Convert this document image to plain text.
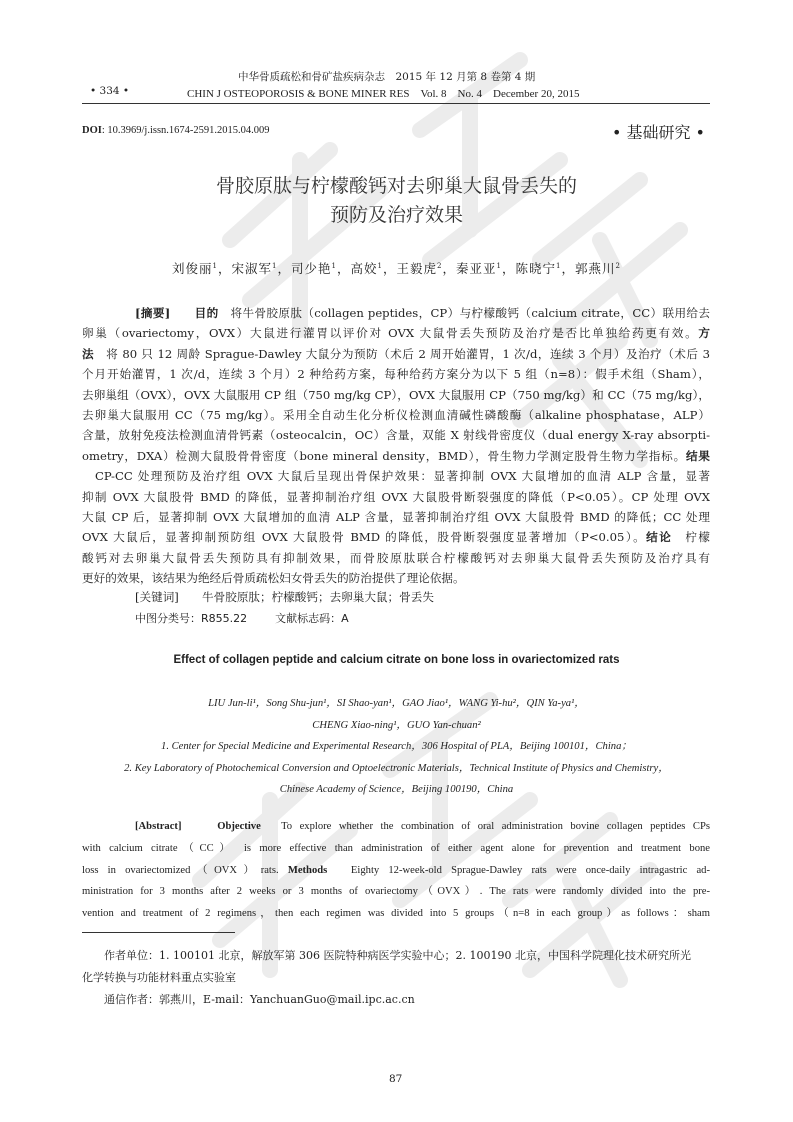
中华骨质疏松和骨矿盐疾病杂志　2015 年 12 月第 8 卷第 4 期
• 334 •	CHIN J OSTEOPOROSIS & BONE MINER RES　Vol. 8　No. 4　December 20, 2015
DOI: 10.3969/j.issn.1674-2591.2015.04.009	• 基础研究 •
骨胶原肽与柠檬酸钙对去卵巢大鼠骨丢失的
预防及治疗效果
刘俊丽$^1$，宋淑军$^1$，司少艳$^1$，高姣$^1$，王毅虎$^2$，秦亚亚$^1$，陈晓宁$^1$，郭燕川$^2$
[摘要]　　 目的　将牛骨胶原肽（collagen peptides，CP）与柠檬酸钙（calcium citrate，CC）联用给去
卵巢（ovariectomy，OVX）大鼠进行灌胃以评价对 OVX 大鼠骨丢失预防及治疗是否比单独给药更有效。方
法　将 80 只 12 周龄 Sprague-Dawley 大鼠分为预防（术后 2 周开始灌胃，1 次/d，连续 3 个月）及治疗（术后 3
个月开始灌胃，1 次/d，连续 3 个月）2 种给药方案，每种给药方案分为以下 5 组（n=8）：假手术组（Sham），
去卵巢组（OVX），OVX 大鼠服用 CP 组（750 mg/kg CP），OVX 大鼠服用 CP（750 mg/kg）和 CC（75 mg/kg），
去卵巢大鼠服用 CC（75 mg/kg）。采用全自动生化分析仪检测血清碱性磷酸酶（alkaline phosphatase，ALP）
含量，放射免疫法检测血清骨钙素（osteocalcin，OC）含量，双能 X 射线骨密度仪（dual energy X-ray absorpti-
ometry，DXA）检测大鼠股骨骨密度（bone mineral density，BMD），骨生物力学测定股骨生物力学指标。结果
CP-CC 处理预防及治疗组 OVX 大鼠后呈现出骨保护效果：显著抑制 OVX 大鼠增加的血清 ALP 含量，显著
抑制 OVX 大鼠股骨 BMD 的降低，显著抑制治疗组 OVX 大鼠股骨断裂强度的降低（P<0.05）。CP 处理 OVX
大鼠 CP 后，显著抑制 OVX 大鼠增加的血清 ALP 含量，显著抑制治疗组 OVX 大鼠股骨 BMD 的降低；CC 处理
OVX 大鼠后，显著抑制预防组 OVX 大鼠股骨 BMD 的降低，股骨断裂强度显著增加（P<0.05）。结论　柠檬
酸钙对去卵巢大鼠骨丢失预防具有抑制效果，而骨胶原肽联合柠檬酸钙对去卵巢大鼠骨丢失预防及治疗具有
更好的效果，该结果为绝经后骨质疏松妇女骨丢失的防治提供了理论依据。
[关键词]　　 牛骨胶原肽；柠檬酸钙；去卵巢大鼠；骨丢失
中图分类号：R855.22	文献标志码：A
Effect of collagen peptide and calcium citrate on bone loss in ovariectomized rats
LIU Jun-li¹，Song Shu-jun¹，SI Shao-yan¹，GAO Jiao¹，WANG Yi-hu²，QIN Ya-ya¹，
CHENG Xiao-ning¹，GUO Yan-chuan²
1. Center for Special Medicine and Experimental Research，306 Hospital of PLA，Beijing 100101，China；
2. Key Laboratory of Photochemical Conversion and Optoelectronic Materials，Technical Institute of Physics and Chemistry，
Chinese Academy of Science，Beijing 100190，China
[Abstract]　　	Objective　To explore whether the combination of oral administration bovine collagen peptides CPs
with calcium citrate（CC） is more effective than administration of either agent alone for prevention and treatment bone
loss in ovariectomized（OVX）rats. Methods　Eighty 12-week-old Sprague-Dawley rats were once-daily intragastric ad-
ministration for 3 months after 2 weeks or 3 months of ovariectomy（OVX）. The rats were randomly divided into the pre-
vention and treatment of 2 regimens，then each regimen was divided into 5 groups（n=8 in each group）as follows：sham
作者单位：1. 100101 北京，解放军第 306 医院特种病医学实验中心；2. 100190 北京，中国科学院理化技术研究所光
化学转换与功能材料重点实验室
通信作者：郭燕川，E-mail：YanchuanGuo@mail.ipc.ac.cn
87
